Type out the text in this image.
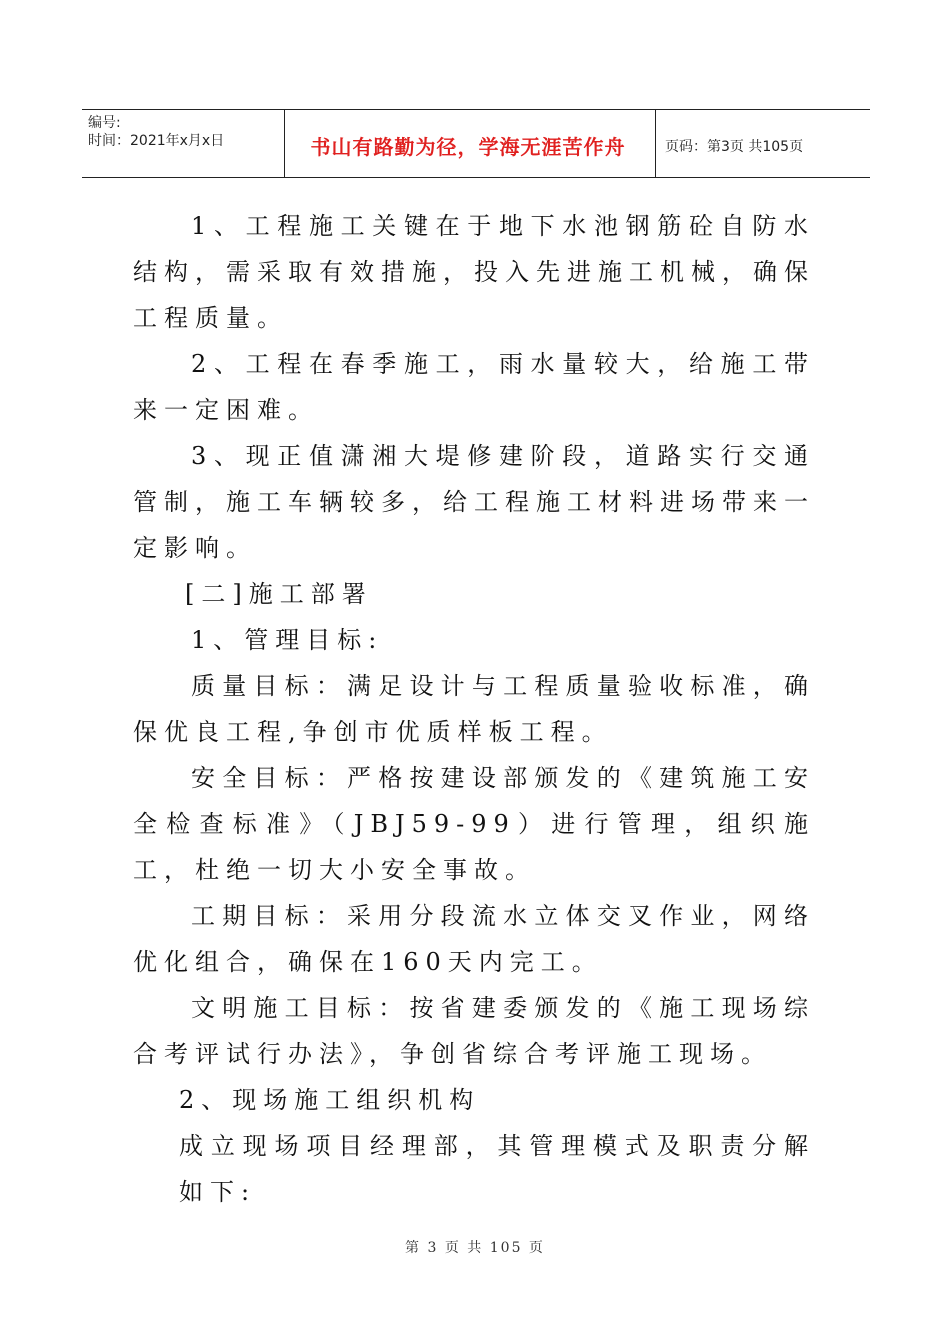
编号:
时间：2021年x月x日	书山有路勤为径，学海无涯苦作舟	页码：第3页 共105页

1、工程施工关键在于地下水池钢筋砼自防水结构，需采取有效措施，投入先进施工机械，确保工程质量。

2、工程在春季施工，雨水量较大，给施工带来一定困难。

3、现正值潇湘大堤修建阶段，道路实行交通管制，施工车辆较多，给工程施工材料进场带来一定影响。

[二]施工部署

1、管理目标:

质量目标：满足设计与工程质量验收标准，确保优良工程,争创市优质样板工程。

安全目标：严格按建设部颁发的《建筑施工安全检查标准》（JBJ59-99）进行管理，组织施工，杜绝一切大小安全事故。

工期目标：采用分段流水立体交叉作业，网络优化组合，确保在160天内完工。

文明施工目标：按省建委颁发的《施工现场综合考评试行办法》，争创省综合考评施工现场。

2、现场施工组织机构

成立现场项目经理部，其管理模式及职责分解如下:

第 3 页 共 105 页
